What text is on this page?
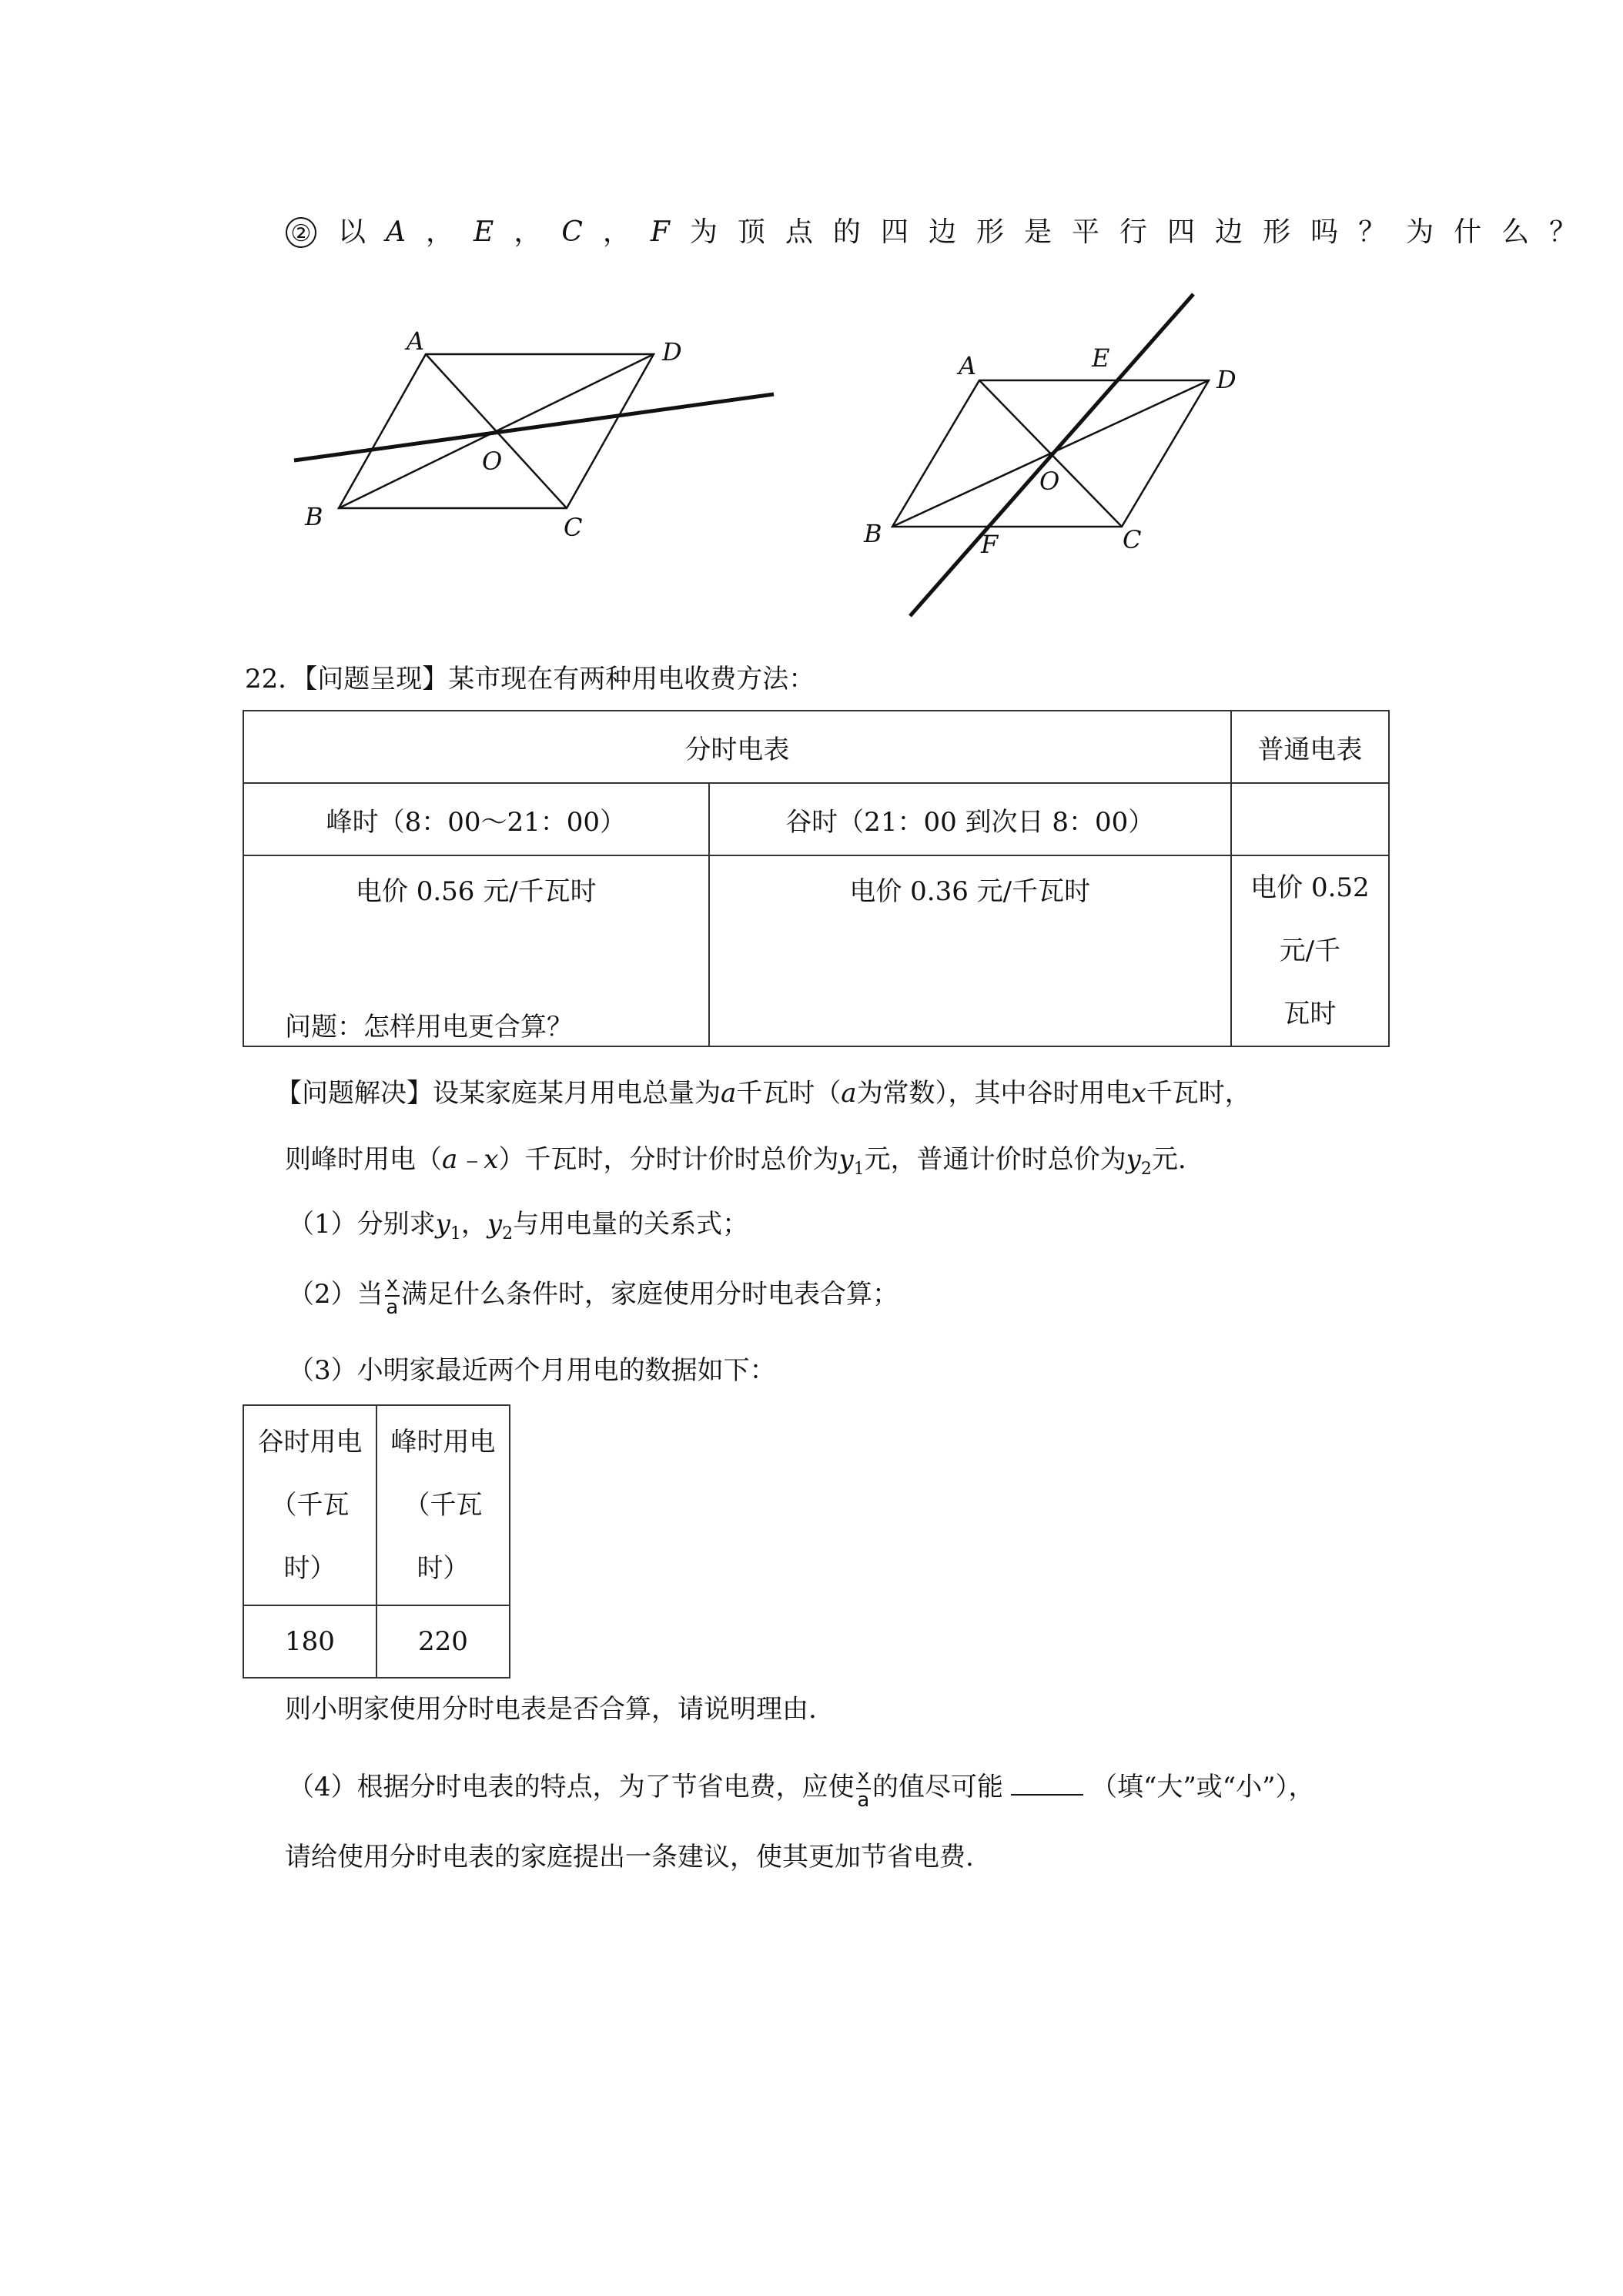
② 以 A ， E ， C ， F 为 顶 点 的 四 边 形 是 平 行 四 边 形 吗 ？ 为 什 么 ？
A	D
B	C
O
A	E
D
B	F	C
O
22．【问题呈现】某市现在有两种用电收费方法：
分时电表		普通电表
峰时（8：00～21：00）	谷时（21：00 到次日 8：00）	
电价 0.56 元/千瓦时	电价 0.36 元/千瓦时	电价 0.52 元/千
瓦时
问题：怎样用电更合算？
【问题解决】设某家庭某月用电总量为a千瓦时（a为常数），其中谷时用电x千瓦时，
则峰时用电（a﹣x）千瓦时，分时计价时总价为$y_1$元，普通计价时总价为$y_2$元.
（1）分别求$y_1$，$y_2$与用电量的关系式；
（2）当 $\frac{x}{a}$ 满足什么条件时，家庭使用分时电表合算；
（3）小明家最近两个月用电的数据如下：
谷时用电
（千瓦
时）	峰时用电
（千瓦
时）
180	220
则小明家使用分时电表是否合算，请说明理由.
（4）根据分时电表的特点，为了节省电费，应使 $\frac{x}{a}$ 的值尽可能	（填“大”或“小”），
请给使用分时电表的家庭提出一条建议，使其更加节省电费.
